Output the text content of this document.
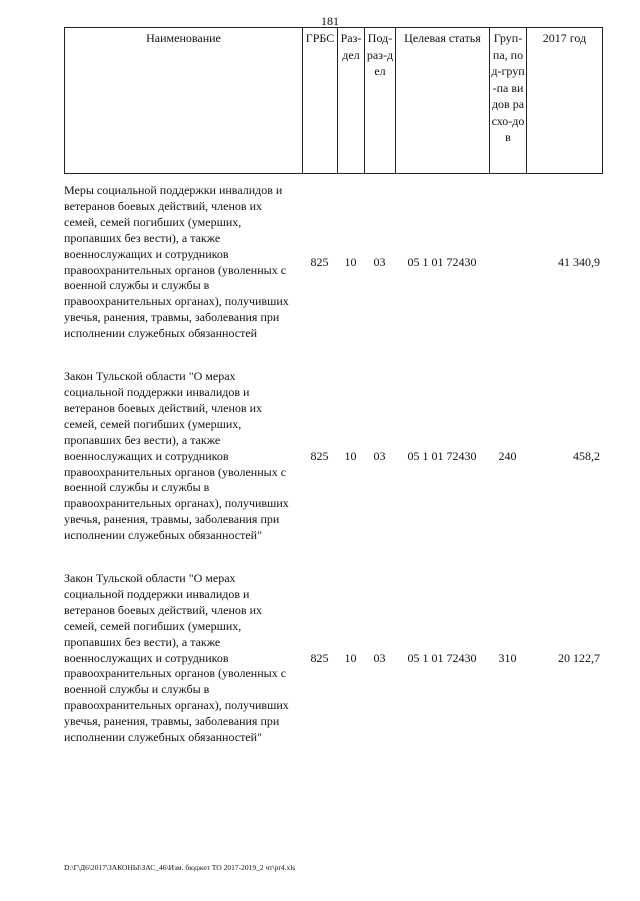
181
Наименование	ГРБС	Раз-дел	Под-раз-дел	Целевая статья	Груп-па, под-груп-па видов расхо-дов	2017 год
Меры социальной поддержки инвалидов и ветеранов боевых действий, членов их семей, семей погибших (умерших, пропавших без вести), а также военнослужащих и сотрудников правоохранительных органов (уволенных с военной службы и службы в правоохранительных органах), получивших увечья, ранения, травмы, заболевания при исполнении служебных обязанностей	825	10	03	05 1 01 72430		41 340,9
Закон Тульской области "О мерах социальной поддержки инвалидов и ветеранов боевых действий, членов их семей, семей погибших (умерших, пропавших без вести), а также военнослужащих и сотрудников правоохранительных органов (уволенных с военной службы и службы в правоохранительных органах), получивших увечья, ранения, травмы, заболевания при исполнении служебных обязанностей"	825	10	03	05 1 01 72430	240	458,2
Закон Тульской области "О мерах социальной поддержки инвалидов и ветеранов боевых действий, членов их семей, семей погибших (умерших, пропавших без вести), а также военнослужащих и сотрудников правоохранительных органов (уволенных с военной службы и службы в правоохранительных органах), получивших увечья, ранения, травмы, заболевания при исполнении служебных обязанностей"	825	10	03	05 1 01 72430	310	20 122,7
D:\Г\Д6\2017\ЗАКОНЫ\ЗАС_46\Изм. бюджет ТО 2017-2019_2 чт\pr4.xls
